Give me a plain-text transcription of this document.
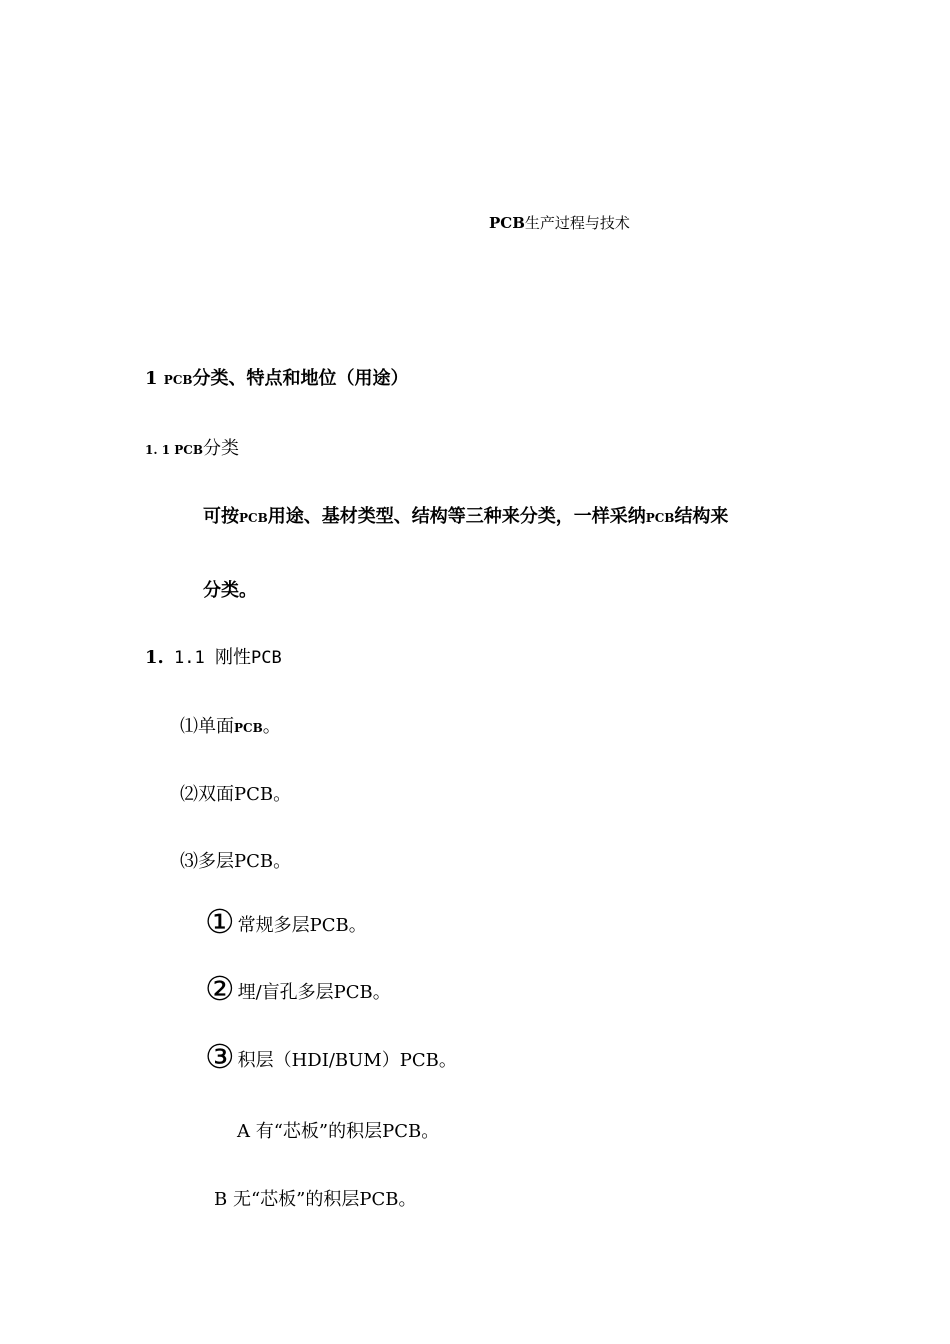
PCB生产过程与技术
1 PCB分类、特点和地位（用途）
1. 1 PCB分类
可按PCB用途、基材类型、结构等三种来分类，一样采纳PCB结构来
分类。
1. 1.1 刚性PCB
⑴单面PCB。
⑵双面PCB。
⑶多层PCB。
① 常规多层PCB。
② 埋/盲孔多层PCB。
③ 积层（HDI/BUM）PCB。
A 有“芯板”的积层PCB。
B 无“芯板”的积层PCB。
